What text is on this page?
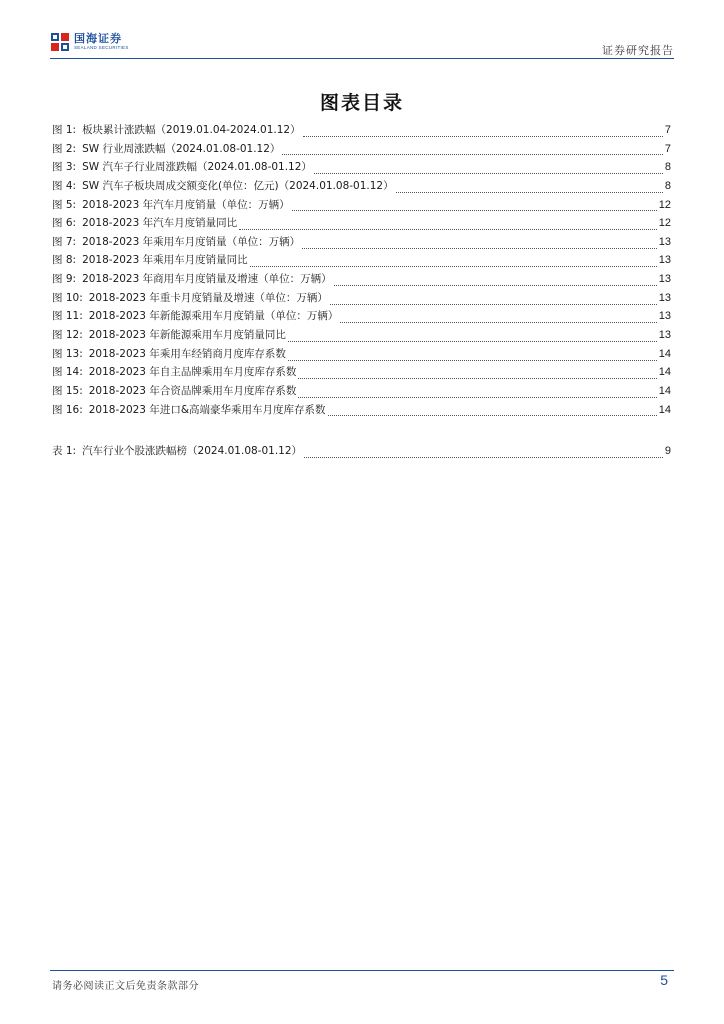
国海证券
SEALAND SECURITIES	证券研究报告
图表目录
图 1: 板块累计涨跌幅（2019.01.04-2024.01.12）	7
图 2: SW 行业周涨跌幅（2024.01.08-01.12）	7
图 3: SW 汽车子行业周涨跌幅（2024.01.08-01.12）	8
图 4: SW 汽车子板块周成交额变化(单位：亿元)（2024.01.08-01.12）	8
图 5: 2018-2023 年汽车月度销量（单位：万辆）	12
图 6: 2018-2023 年汽车月度销量同比	12
图 7: 2018-2023 年乘用车月度销量（单位：万辆）	13
图 8: 2018-2023 年乘用车月度销量同比	13
图 9: 2018-2023 年商用车月度销量及增速（单位：万辆）	13
图 10: 2018-2023 年重卡月度销量及增速（单位：万辆）	13
图 11: 2018-2023 年新能源乘用车月度销量（单位：万辆）	13
图 12: 2018-2023 年新能源乘用车月度销量同比	13
图 13: 2018-2023 年乘用车经销商月度库存系数	14
图 14: 2018-2023 年自主品牌乘用车月度库存系数	14
图 15: 2018-2023 年合资品牌乘用车月度库存系数	14
图 16: 2018-2023 年进口&高端豪华乘用车月度库存系数	14
表 1: 汽车行业个股涨跌幅榜（2024.01.08-01.12）	9
请务必阅读正文后免责条款部分	5
